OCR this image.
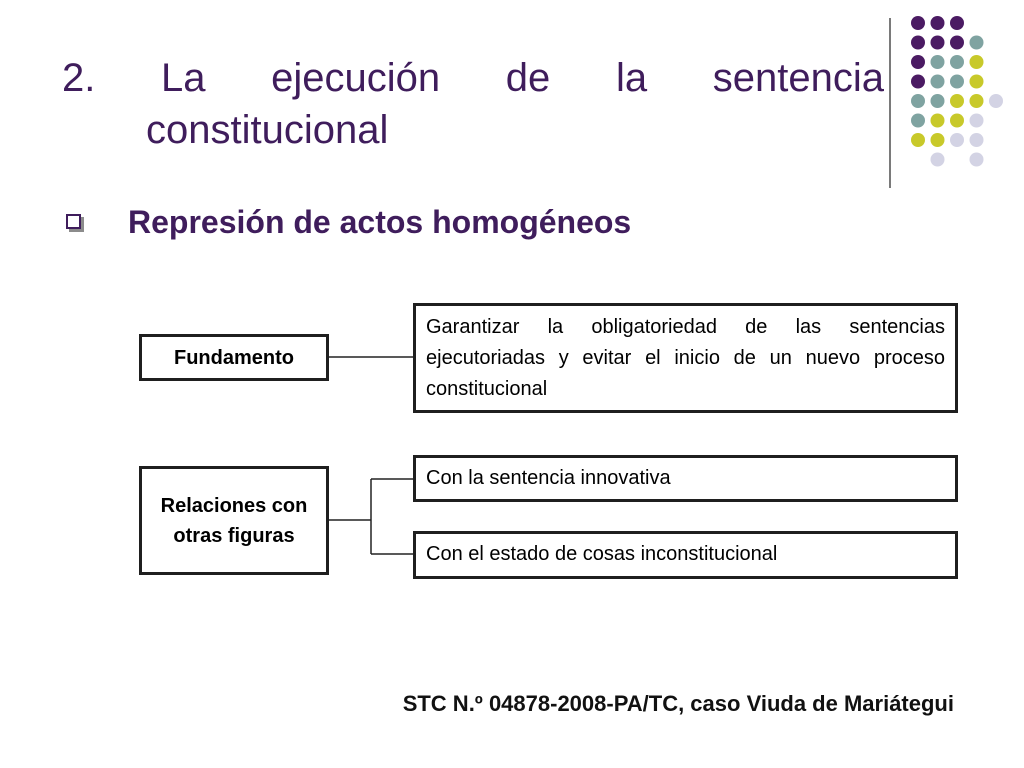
2. La ejecución de la sentencia
constitucional
Represión de actos homogéneos
Fundamento
Garantizar la obligatoriedad de las sentencias ejecutoriadas y evitar el inicio de un nuevo proceso constitucional
Relaciones con otras figuras
Con la sentencia innovativa
Con el estado de cosas inconstitucional
STC N.º 04878-2008-PA/TC, caso Viuda de Mariátegui
